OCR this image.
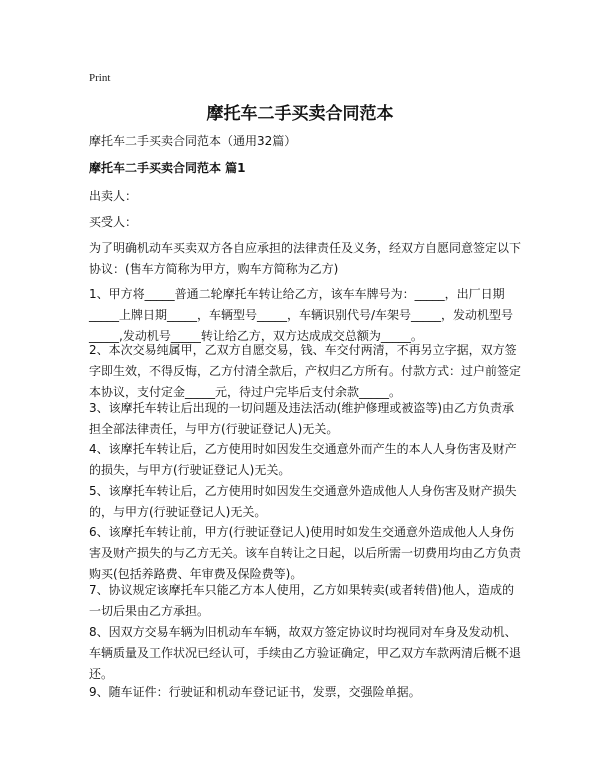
Print
摩托车二手买卖合同范本

摩托车二手买卖合同范本（通用32篇）

摩托车二手买卖合同范本 篇1

出卖人：

买受人：

为了明确机动车买卖双方各自应承担的法律责任及义务，经双方自愿同意签定以下协议：(售车方简称为甲方，购车方简称为乙方)

1、甲方将_____普通二轮摩托车转让给乙方，该车车牌号为：_____，出厂日期_____上牌日期_____，车辆型号_____，车辆识别代号/车架号_____，发动机型号_____,发动机号_____转让给乙方，双方达成成交总额为_____。

2、本次交易纯属甲，乙双方自愿交易，钱、车交付两清，不再另立字据，双方签字即生效，不得反悔，乙方付清全款后，产权归乙方所有。付款方式：过户前签定本协议，支付定金_____元，待过户完毕后支付余款_____。

3、该摩托车转让后出现的一切问题及违法活动(维护修理或被盗等)由乙方负责承担全部法律责任，与甲方(行驶证登记人)无关。

4、该摩托车转让后，乙方使用时如因发生交通意外而产生的本人人身伤害及财产的损失，与甲方(行驶证登记人)无关。

5、该摩托车转让后，乙方使用时如因发生交通意外造成他人人身伤害及财产损失的，与甲方(行驶证登记人)无关。

6、该摩托车转让前，甲方(行驶证登记人)使用时如发生交通意外造成他人人身伤害及财产损失的与乙方无关。该车自转让之日起，以后所需一切费用均由乙方负责购买(包括养路费、年审费及保险费等)。

7、协议规定该摩托车只能乙方本人使用，乙方如果转卖(或者转借)他人，造成的一切后果由乙方承担。

8、因双方交易车辆为旧机动车车辆，故双方签定协议时均视同对车身及发动机、车辆质量及工作状况已经认可，手续由乙方验证确定，甲乙双方车款两清后概不退还。

9、随车证件：行驶证和机动车登记证书，发票，交强险单据。
